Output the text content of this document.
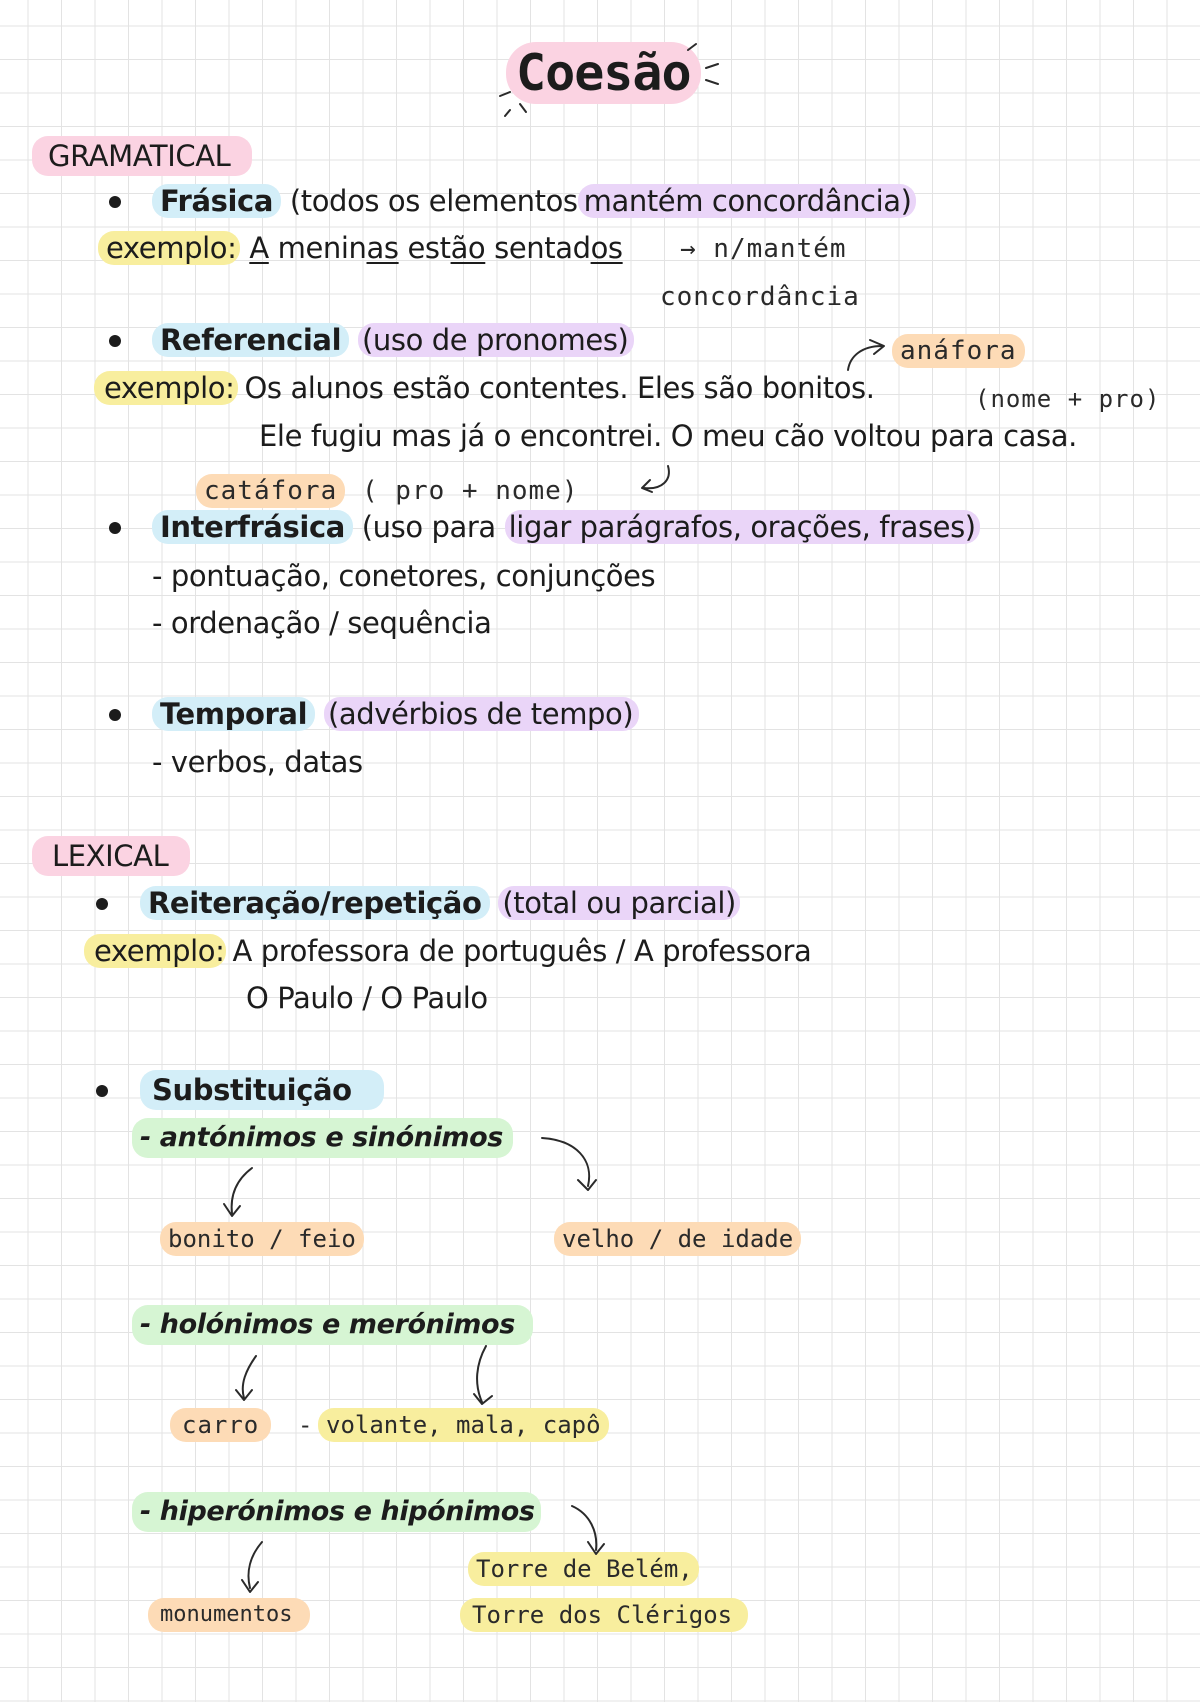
Coesão
GRAMATICAL
Frásica (todos os elementos mantém concordância)
exemplo: A meninas estão sentados → n/mantém
concordância
Referencial (uso de pronomes)	anáfora
exemplo: Os alunos estão contentes. Eles são bonitos.	(nome + pro)
Ele fugiu mas já o encontrei. O meu cão voltou para casa.
catáfora ( pro + nome)
Interfrásica (uso para ligar parágrafos, orações, frases)
- pontuação, conetores, conjunções
- ordenação / sequência
Temporal (advérbios de tempo)
- verbos, datas
LEXICAL
Reiteração/repetição (total ou parcial)
exemplo: A professora de português / A professora
O Paulo / O Paulo
Substituição
- antónimos e sinónimos
bonito / feio	velho / de idade
- holónimos e merónimos
carro	- volante, mala, capô
- hiperónimos e hipónimos
monumentos
Torre de Belém,
Torre dos Clérigos
